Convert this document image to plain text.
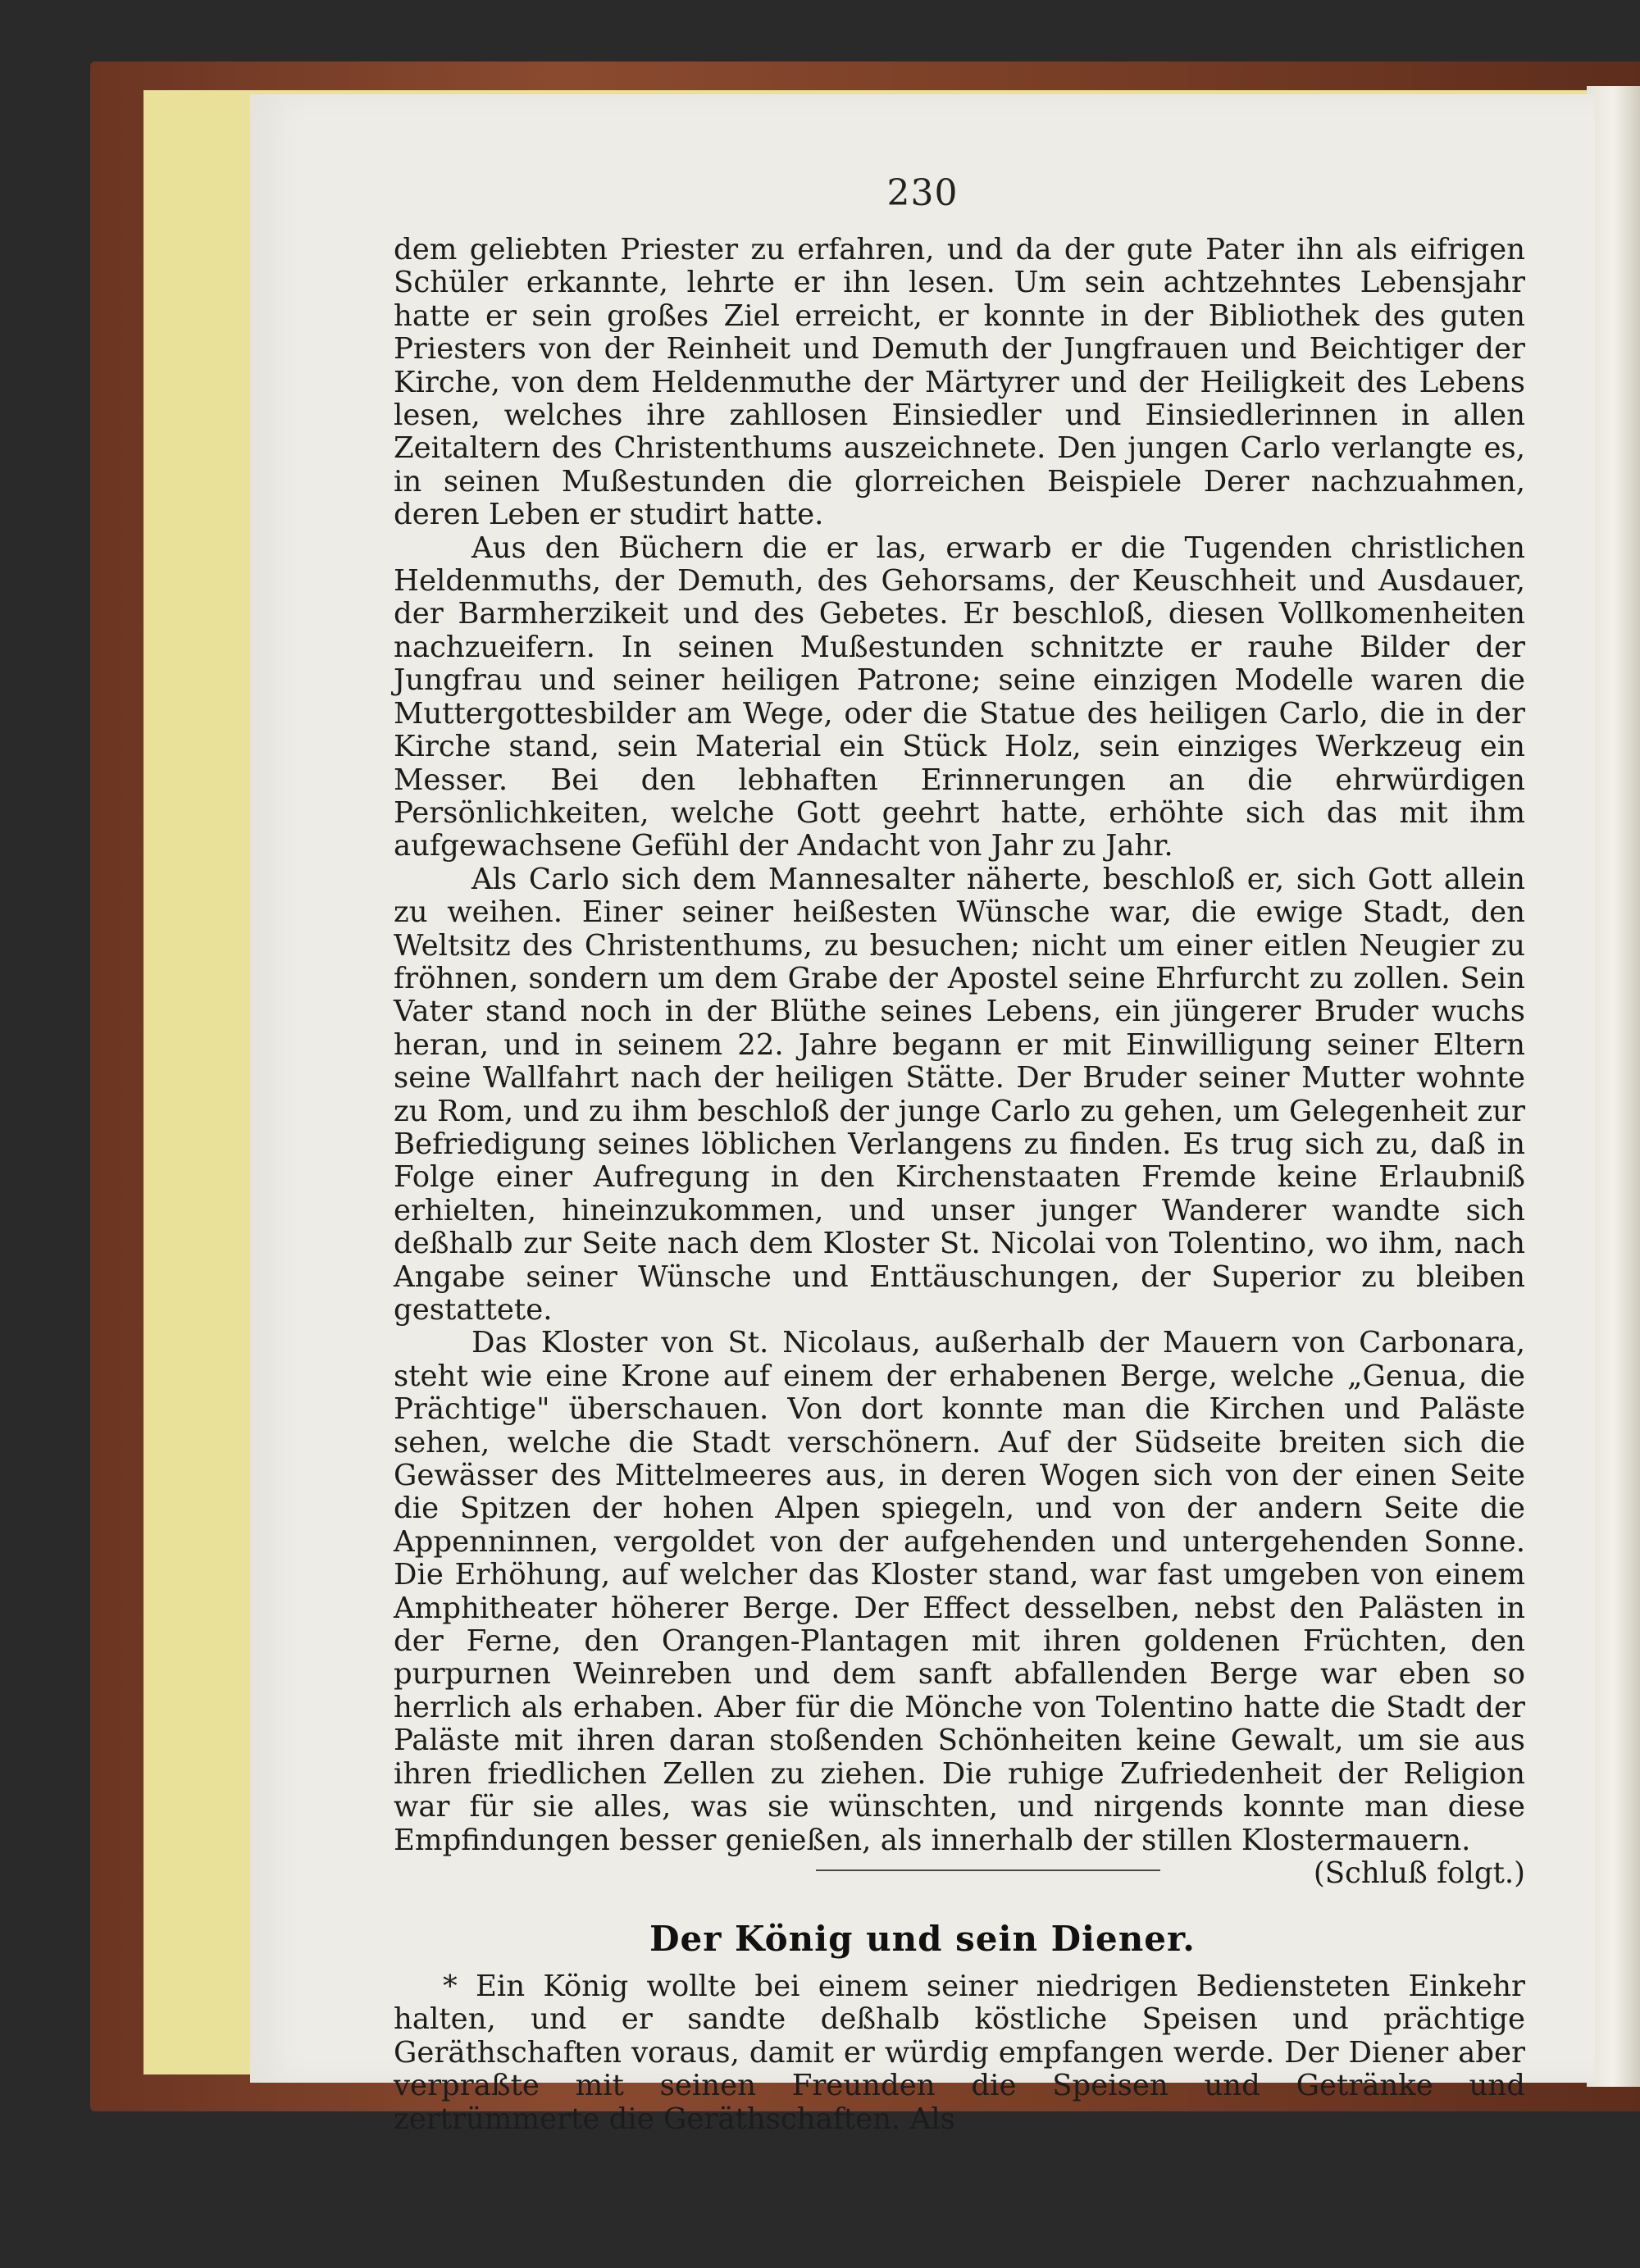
230

dem geliebten Priester zu erfahren, und da der gute Pater ihn als eifrigen Schüler erkannte, lehrte er ihn lesen. Um sein achtzehntes Lebensjahr hatte er sein großes Ziel erreicht, er konnte in der Bibliothek des guten Priesters von der Reinheit und Demuth der Jungfrauen und Beichtiger der Kirche, von dem Heldenmuthe der Märtyrer und der Heiligkeit des Lebens lesen, welches ihre zahllosen Einsiedler und Einsiedlerinnen in allen Zeitaltern des Christenthums auszeichnete. Den jungen Carlo verlangte es, in seinen Mußestunden die glorreichen Beispiele Derer nachzuahmen, deren Leben er studirt hatte.

Aus den Büchern die er las, erwarb er die Tugenden christlichen Heldenmuths, der Demuth, des Gehorsams, der Keuschheit und Ausdauer, der Barmherzikeit und des Gebetes. Er beschloß, diesen Vollkomenheiten nachzueifern. In seinen Mußestunden schnitzte er rauhe Bilder der Jungfrau und seiner heiligen Patrone; seine einzigen Modelle waren die Muttergottesbilder am Wege, oder die Statue des heiligen Carlo, die in der Kirche stand, sein Material ein Stück Holz, sein einziges Werkzeug ein Messer. Bei den lebhaften Erinnerungen an die ehrwürdigen Persönlichkeiten, welche Gott geehrt hatte, erhöhte sich das mit ihm aufgewachsene Gefühl der Andacht von Jahr zu Jahr.

Als Carlo sich dem Mannesalter näherte, beschloß er, sich Gott allein zu weihen. Einer seiner heißesten Wünsche war, die ewige Stadt, den Weltsitz des Christenthums, zu besuchen; nicht um einer eitlen Neugier zu fröhnen, sondern um dem Grabe der Apostel seine Ehrfurcht zu zollen. Sein Vater stand noch in der Blüthe seines Lebens, ein jüngerer Bruder wuchs heran, und in seinem 22. Jahre begann er mit Einwilligung seiner Eltern seine Wallfahrt nach der heiligen Stätte. Der Bruder seiner Mutter wohnte zu Rom, und zu ihm beschloß der junge Carlo zu gehen, um Gelegenheit zur Befriedigung seines löblichen Verlangens zu finden. Es trug sich zu, daß in Folge einer Aufregung in den Kirchenstaaten Fremde keine Erlaubniß erhielten, hineinzukommen, und unser junger Wanderer wandte sich deßhalb zur Seite nach dem Kloster St. Nicolai von Tolentino, wo ihm, nach Angabe seiner Wünsche und Enttäuschungen, der Superior zu bleiben gestattete.

Das Kloster von St. Nicolaus, außerhalb der Mauern von Carbonara, steht wie eine Krone auf einem der erhabenen Berge, welche „Genua, die Prächtige" überschauen. Von dort konnte man die Kirchen und Paläste sehen, welche die Stadt verschönern. Auf der Südseite breiten sich die Gewässer des Mittelmeeres aus, in deren Wogen sich von der einen Seite die Spitzen der hohen Alpen spiegeln, und von der andern Seite die Appenninnen, vergoldet von der aufgehenden und untergehenden Sonne. Die Erhöhung, auf welcher das Kloster stand, war fast umgeben von einem Amphitheater höherer Berge. Der Effect desselben, nebst den Palästen in der Ferne, den Orangen-Plantagen mit ihren goldenen Früchten, den purpurnen Weinreben und dem sanft abfallenden Berge war eben so herrlich als erhaben. Aber für die Mönche von Tolentino hatte die Stadt der Paläste mit ihren daran stoßenden Schönheiten keine Gewalt, um sie aus ihren friedlichen Zellen zu ziehen. Die ruhige Zufriedenheit der Religion war für sie alles, was sie wünschten, und nirgends konnte man diese Empfindungen besser genießen, als innerhalb der stillen Klostermauern.
(Schluß folgt.)

Der König und sein Diener.

* Ein König wollte bei einem seiner niedrigen Bediensteten Einkehr halten, und er sandte deßhalb köstliche Speisen und prächtige Geräthschaften voraus, damit er würdig empfangen werde. Der Diener aber verpraßte mit seinen Freunden die Speisen und Getränke und zertrümmerte die Geräthschaften. Als
